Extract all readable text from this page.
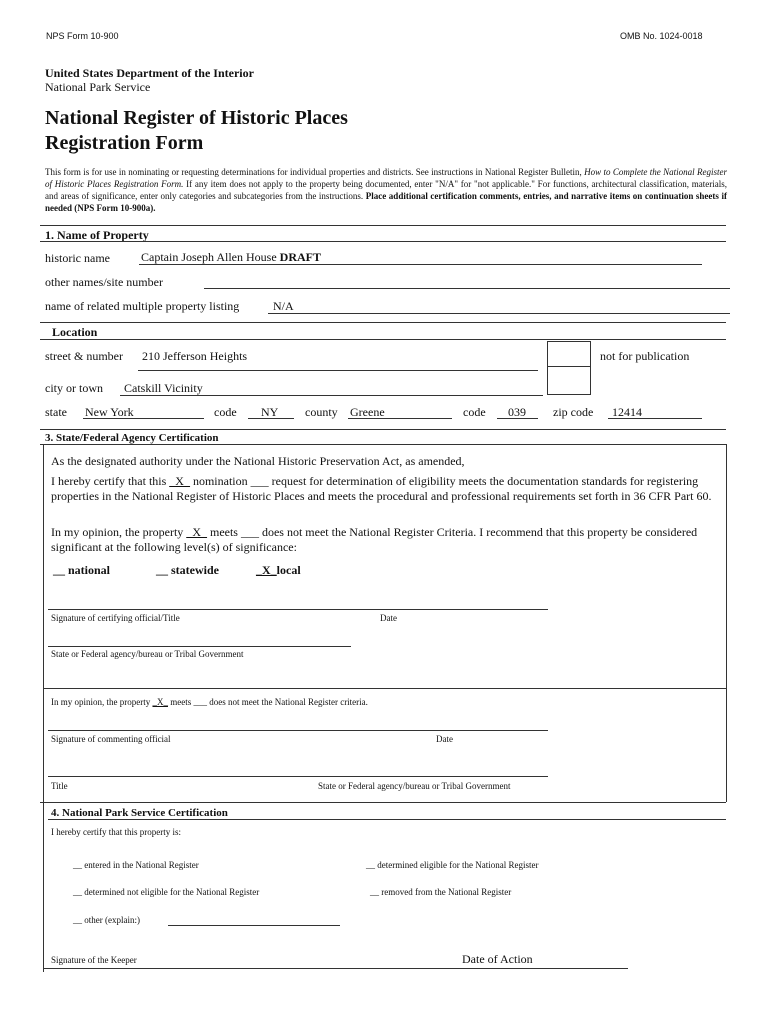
NPS Form 10-900	OMB No. 1024-0018
United States Department of the Interior
National Park Service
National Register of Historic Places
Registration Form
This form is for use in nominating or requesting determinations for individual properties and districts. See instructions in National Register Bulletin, How to Complete the National Register of Historic Places Registration Form. If any item does not apply to the property being documented, enter "N/A" for "not applicable." For functions, architectural classification, materials, and areas of significance, enter only categories and subcategories from the instructions. Place additional certification comments, entries, and narrative items on continuation sheets if needed (NPS Form 10-900a).
1. Name of Property
historic name	Captain Joseph Allen House DRAFT
other names/site number
name of related multiple property listing	N/A
Location
street & number 210 Jefferson Heights	not for publication
city or town Catskill Vicinity
state New York	code NY county Greene	code 039 zip code 12414
3. State/Federal Agency Certification
As the designated authority under the National Historic Preservation Act, as amended,
I hereby certify that this _X_ nomination ___ request for determination of eligibility meets the documentation standards for registering properties in the National Register of Historic Places and meets the procedural and professional requirements set forth in 36 CFR Part 60.
In my opinion, the property _X_ meets ___ does not meet the National Register Criteria. I recommend that this property be considered significant at the following level(s) of significance:
__ national	__ statewide	_X_local
Signature of certifying official/Title	Date
State or Federal agency/bureau or Tribal Government
In my opinion, the property _X_ meets ___ does not meet the National Register criteria.
Signature of commenting official	Date
Title	State or Federal agency/bureau or Tribal Government
4. National Park Service Certification
I hereby certify that this property is:
__ entered in the National Register	__ determined eligible for the National Register
__ determined not eligible for the National Register	__ removed from the National Register
__ other (explain:)
Signature of the Keeper	Date of Action
